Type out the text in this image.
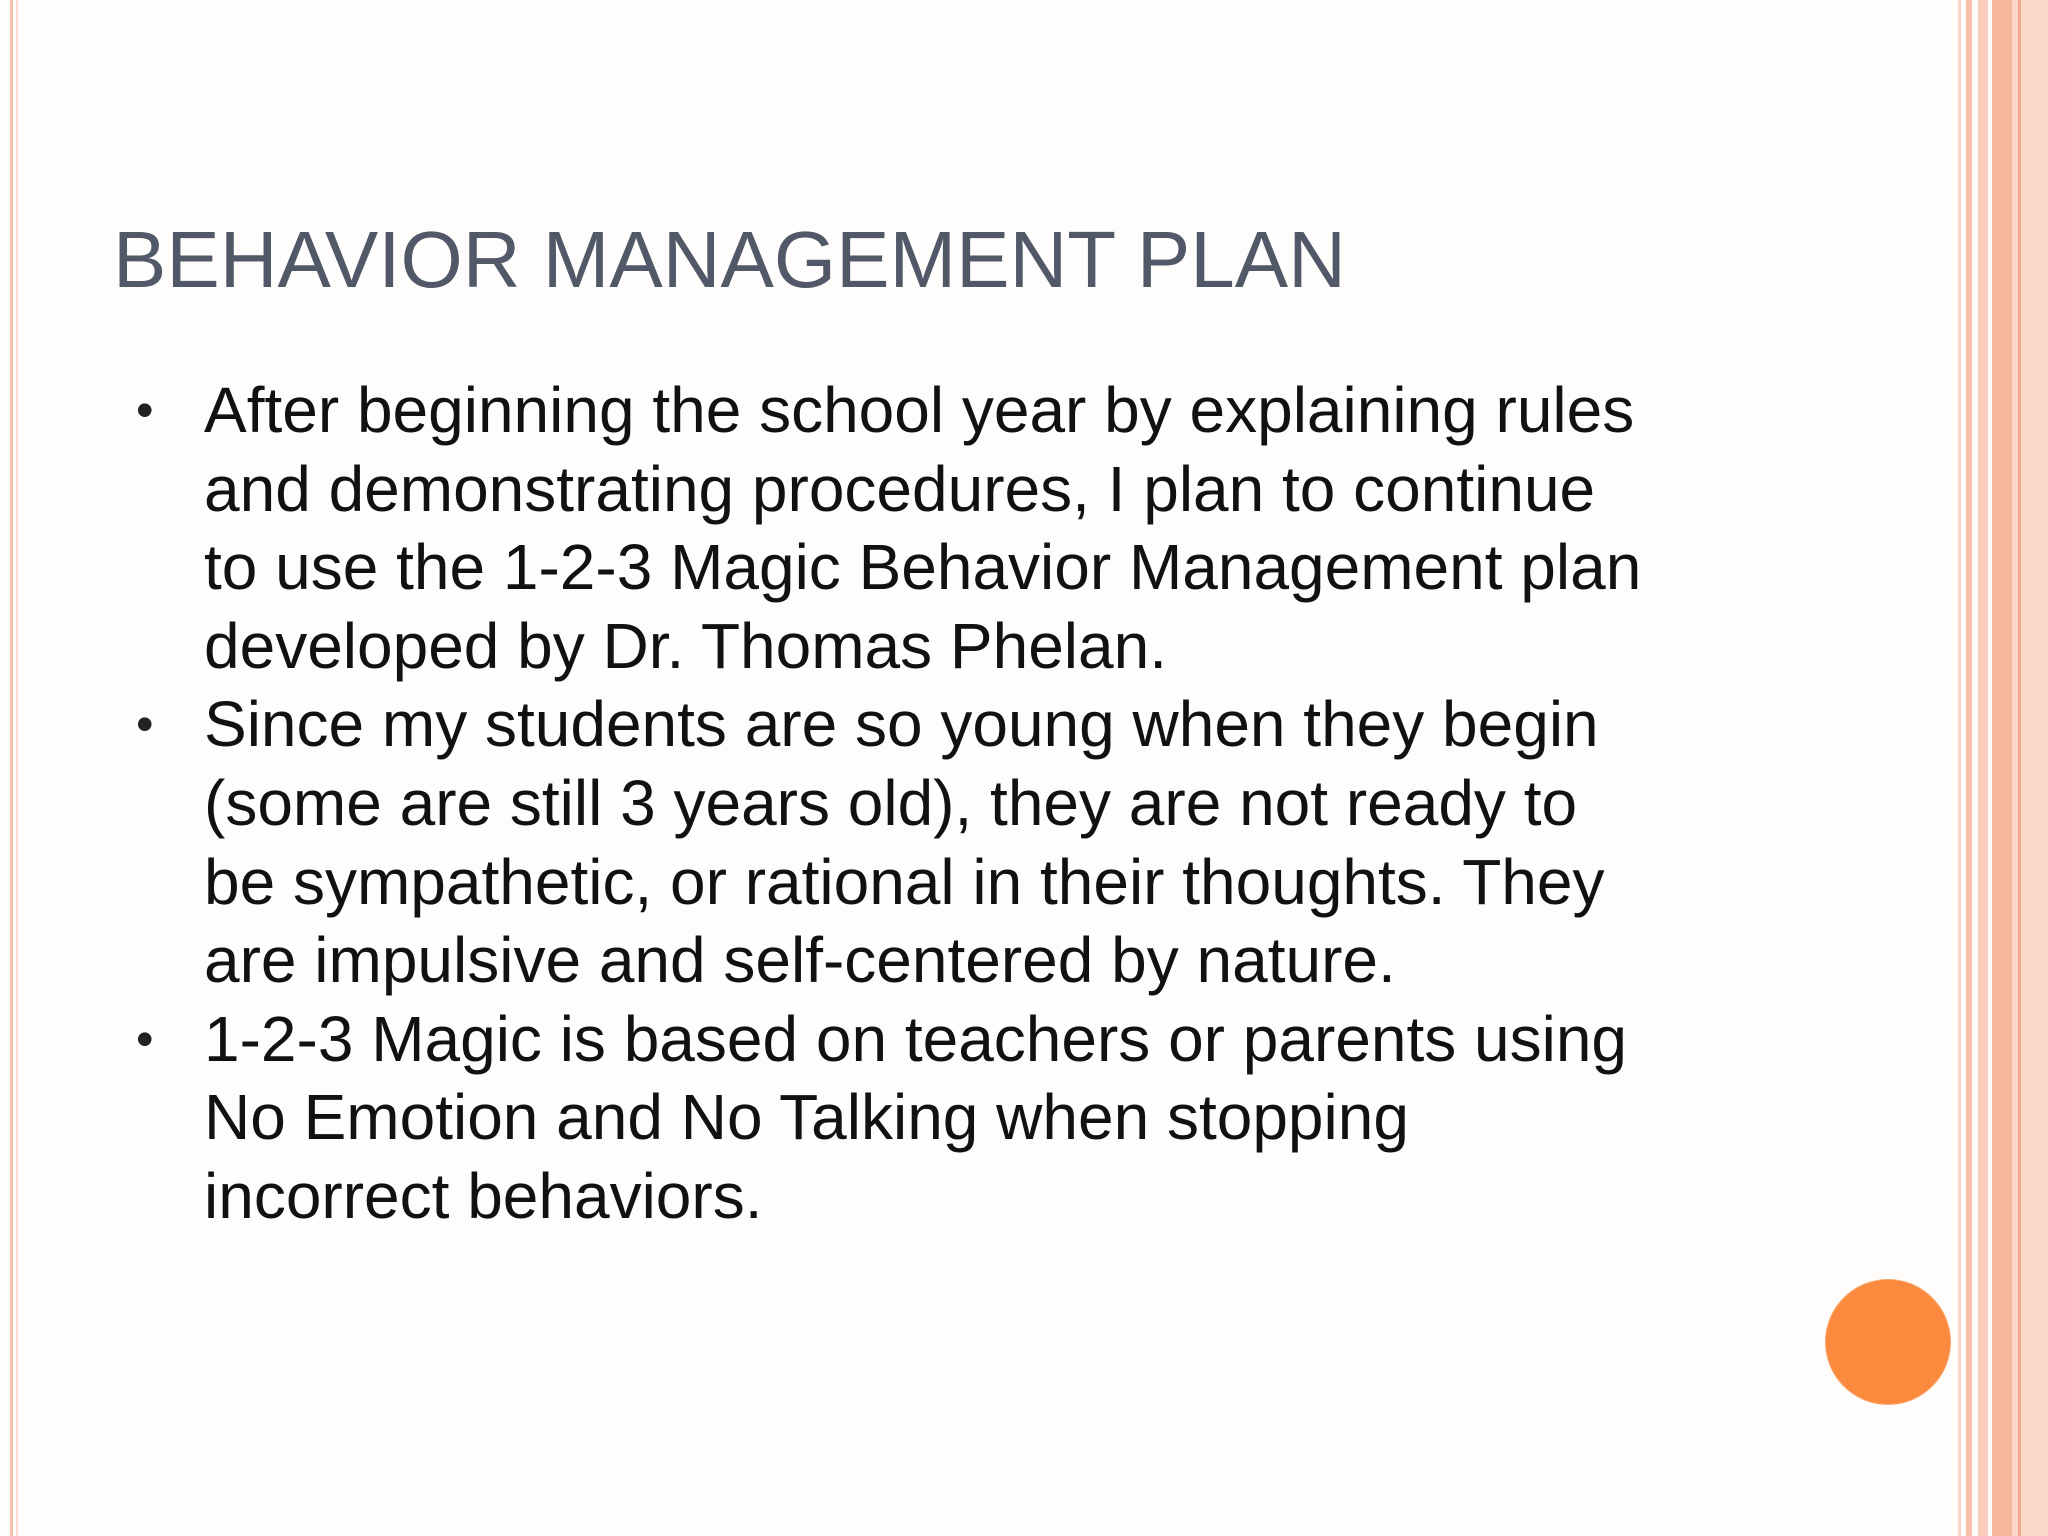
BEHAVIOR MANAGEMENT PLAN
• After beginning the school year by explaining rules
and demonstrating procedures, I plan to continue
to use the 1-2-3 Magic Behavior Management plan
developed by Dr. Thomas Phelan.
• Since my students are so young when they begin
(some are still 3 years old), they are not ready to
be sympathetic, or rational in their thoughts. They
are impulsive and self-centered by nature.
• 1-2-3 Magic is based on teachers or parents using
No Emotion and No Talking when stopping
incorrect behaviors.
